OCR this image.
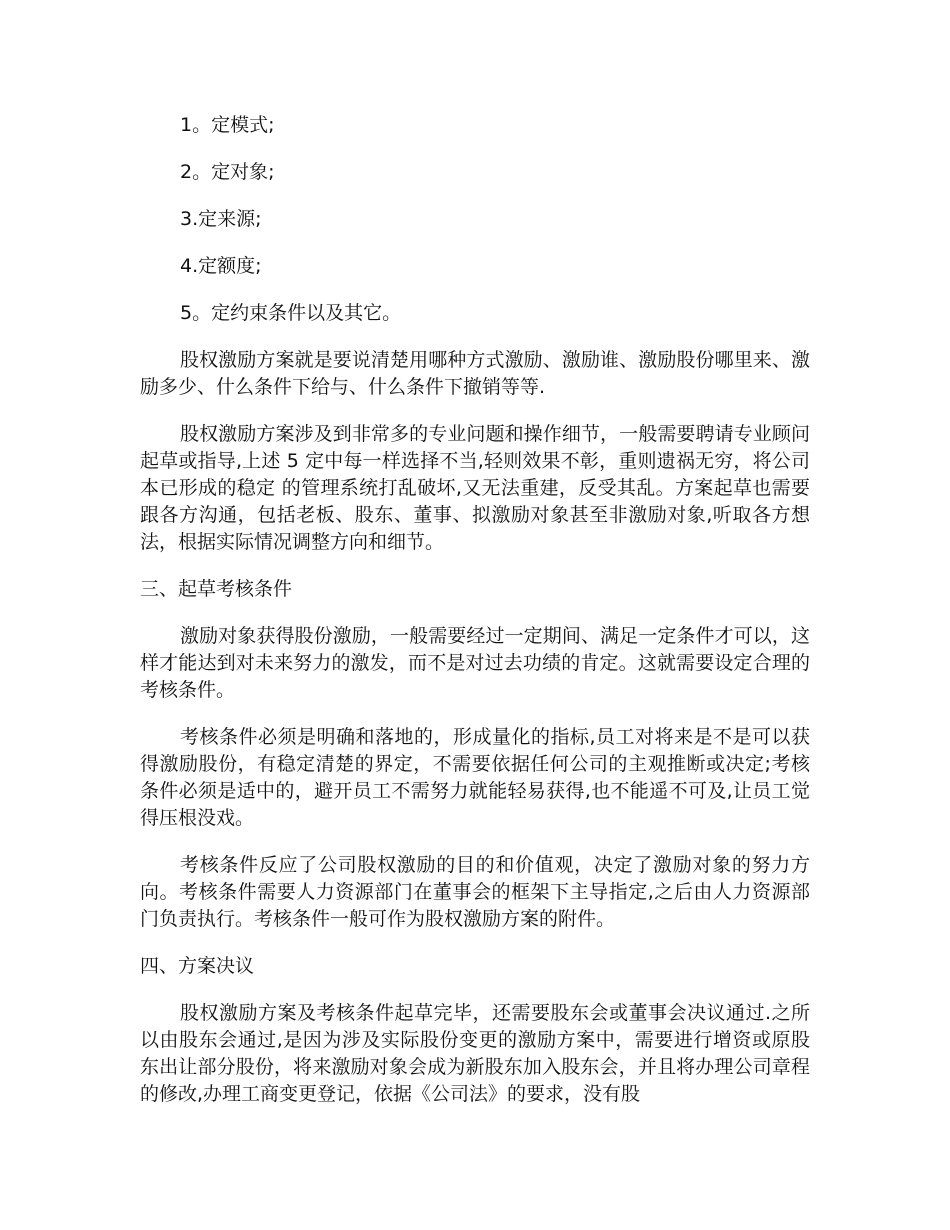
1。定模式;
2。定对象;
3.定来源;
4.定额度;
5。定约束条件以及其它。

股权激励方案就是要说清楚用哪种方式激励、激励谁、激励股份哪里来、激励多少、什么条件下给与、什么条件下撤销等等.

股权激励方案涉及到非常多的专业问题和操作细节，一般需要聘请专业顾问起草或指导,上述 5 定中每一样选择不当,轻则效果不彰，重则遗祸无穷，将公司本已形成的稳定 的管理系统打乱破坏,又无法重建，反受其乱。方案起草也需要跟各方沟通，包括老板、股东、董事、拟激励对象甚至非激励对象,听取各方想法，根据实际情况调整方向和细节。

三、起草考核条件

激励对象获得股份激励，一般需要经过一定期间、满足一定条件才可以，这样才能达到对未来努力的激发，而不是对过去功绩的肯定。这就需要设定合理的考核条件。

考核条件必须是明确和落地的，形成量化的指标,员工对将来是不是可以获得激励股份，有稳定清楚的界定，不需要依据任何公司的主观推断或决定;考核条件必须是适中的，避开员工不需努力就能轻易获得,也不能遥不可及,让员工觉得压根没戏。

考核条件反应了公司股权激励的目的和价值观，决定了激励对象的努力方向。考核条件需要人力资源部门在董事会的框架下主导指定,之后由人力资源部门负责执行。考核条件一般可作为股权激励方案的附件。

四、方案决议

股权激励方案及考核条件起草完毕，还需要股东会或董事会决议通过.之所以由股东会通过,是因为涉及实际股份变更的激励方案中，需要进行增资或原股东出让部分股份，将来激励对象会成为新股东加入股东会，并且将办理公司章程的修改,办理工商变更登记，依据《公司法》的要求，没有股
